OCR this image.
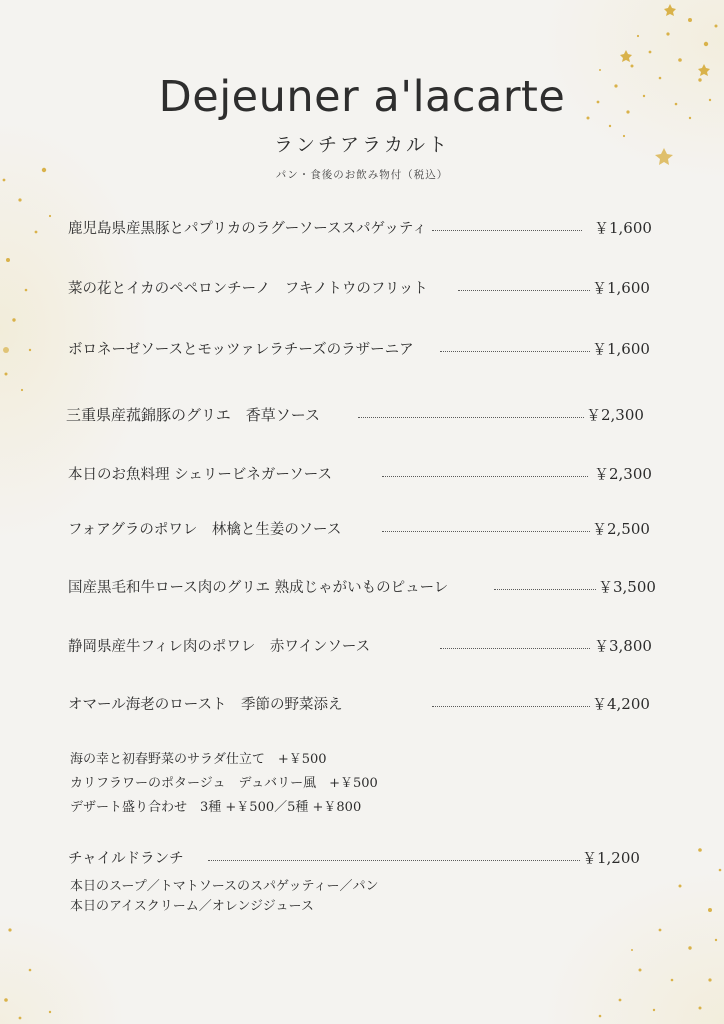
Dejeuner a'lacarte
ランチアラカルト
パン・食後のお飲み物付（税込）
鹿児島県産黒豚とパプリカのラグーソーススパゲッティ	￥1,600
菜の花とイカのペペロンチーノ　フキノトウのフリット	￥1,600
ボロネーゼソースとモッツァレラチーズのラザーニア	￥1,600
三重県産菰錦豚のグリエ　香草ソース	￥2,300
本日のお魚料理 シェリービネガーソース	￥2,300
フォアグラのポワレ　林檎と生姜のソース	￥2,500
国産黒毛和牛ロース肉のグリエ 熟成じゃがいものピューレ	￥3,500
静岡県産牛フィレ肉のポワレ　赤ワインソース	￥3,800
オマール海老のロースト　季節の野菜添え	￥4,200
海の幸と初春野菜のサラダ仕立て　+￥500
カリフラワーのポタージュ　デュバリー風　+￥500
デザート盛り合わせ　3種 +￥500／5種 +￥800
チャイルドランチ	￥1,200
本日のスープ／トマトソースのスパゲッティー／パン
本日のアイスクリーム／オレンジジュース
